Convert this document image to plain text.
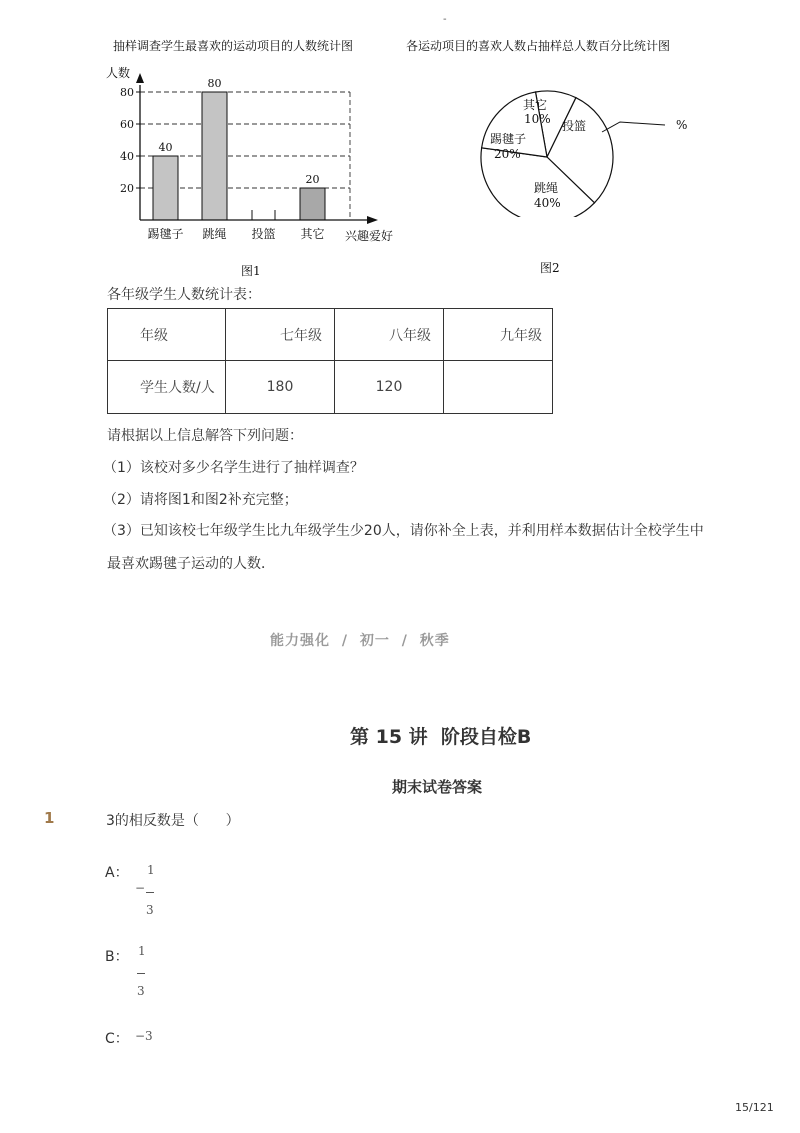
-
抽样调查学生最喜欢的运动项目的人数统计图	各运动项目的喜欢人数占抽样总人数百分比统计图
人数
兴趣爱好
20
40
60
80
踢毽子 跳绳 投篮 其它
40
80
20
%
其它
10% 投篮
跳绳
40%
踢毽子
20%
图1	图2
各年级学生人数统计表：
年级	七年级	八年级	九年级
学生人数/人	180	120	
请根据以上信息解答下列问题：
（1）该校对多少名学生进行了抽样调查？
（2）请将图1和图2补充完整；
（3）已知该校七年级学生比九年级学生少20人，请你补全上表，并利用样本数据估计全校学生中
最喜欢踢毽子运动的人数．
能力强化 / 初一 / 秋季
第 15 讲  阶段自检B
期末试卷答案
1	3的相反数是（      ）
A： 1
−
3
B： 1
3
C： −3
15/121
